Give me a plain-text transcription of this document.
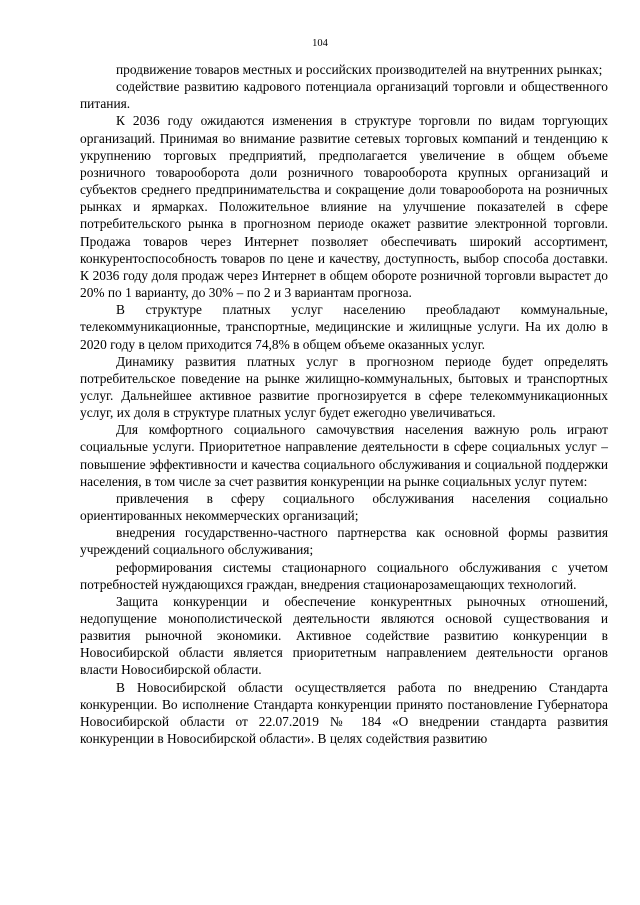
104

продвижение товаров местных и российских производителей на внутренних рынках;

содействие развитию кадрового потенциала организаций торговли и общественного питания.

К 2036 году ожидаются изменения в структуре торговли по видам торгующих организаций. Принимая во внимание развитие сетевых торговых компаний и тенденцию к укрупнению торговых предприятий, предполагается увеличение в общем объеме розничного товарооборота доли розничного товарооборота крупных организаций и субъектов среднего предпринимательства и сокращение доли товарооборота на розничных рынках и ярмарках. Положительное влияние на улучшение показателей в сфере потребительского рынка в прогнозном периоде окажет развитие электронной торговли. Продажа товаров через Интернет позволяет обеспечивать широкий ассортимент, конкурентоспособность товаров по цене и качеству, доступность, выбор способа доставки. К 2036 году доля продаж через Интернет в общем обороте розничной торговли вырастет до 20% по 1 варианту, до 30% – по 2 и 3 вариантам прогноза.

В структуре платных услуг населению преобладают коммунальные, телекоммуникационные, транспортные, медицинские и жилищные услуги. На их долю в 2020 году в целом приходится 74,8% в общем объеме оказанных услуг.

Динамику развития платных услуг в прогнозном периоде будет определять потребительское поведение на рынке жилищно-коммунальных, бытовых и транспортных услуг. Дальнейшее активное развитие прогнозируется в сфере телекоммуникационных услуг, их доля в структуре платных услуг будет ежегодно увеличиваться.

Для комфортного социального самочувствия населения важную роль играют социальные услуги. Приоритетное направление деятельности в сфере социальных услуг – повышение эффективности и качества социального обслуживания и социальной поддержки населения, в том числе за счет развития конкуренции на рынке социальных услуг путем:

привлечения в сферу социального обслуживания населения социально ориентированных некоммерческих организаций;

внедрения государственно-частного партнерства как основной формы развития учреждений социального обслуживания;

реформирования системы стационарного социального обслуживания с учетом потребностей нуждающихся граждан, внедрения стационарозамещающих технологий.

Защита конкуренции и обеспечение конкурентных рыночных отношений, недопущение монополистической деятельности являются основой существования и развития рыночной экономики. Активное содействие развитию конкуренции в Новосибирской области является приоритетным направлением деятельности органов власти Новосибирской области.

В Новосибирской области осуществляется работа по внедрению Стандарта конкуренции. Во исполнение Стандарта конкуренции принято постановление Губернатора Новосибирской области от 22.07.2019 № 184 «О внедрении стандарта развития конкуренции в Новосибирской области». В целях содействия развитию
